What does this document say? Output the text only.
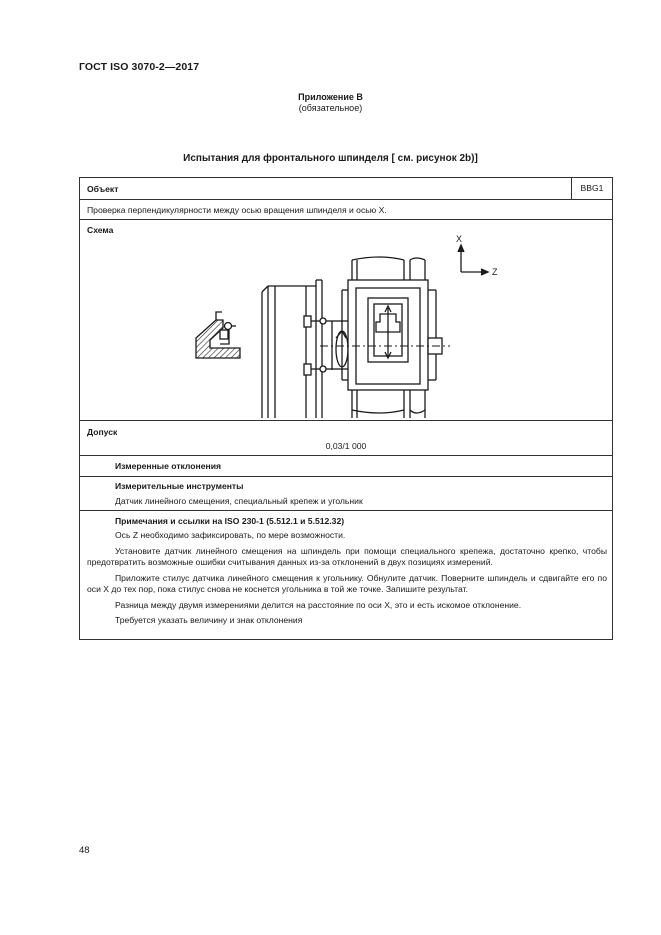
ГОСТ ISO 3070-2—2017
Приложение В
(обязательное)
Испытания для фронтального шпинделя [ см. рисунок 2b)]
Объект	BBG1
Проверка перпендикулярности между осью вращения шпинделя и осью X.
Схема
X
Z
Допуск
0,03/1 000
Измеренные отклонения
Измерительные инструменты
Датчик линейного смещения, специальный крепеж и угольник
Примечания и ссылки на ISO 230-1 (5.512.1 и 5.512.32)

Ось Z необходимо зафиксировать, по мере возможности.

Установите датчик линейного смещения на шпиндель при помощи специального крепежа, достаточно крепко, чтобы предотвратить возможные ошибки считывания данных из-за отклонений в двух позициях измерений.

Приложите стилус датчика линейного смещения к угольнику. Обнулите датчик. Поверните шпиндель и сдвигайте его по оси X до тех пор, пока стилус снова не коснется угольника в той же точке. Запишите результат.

Разница между двумя измерениями делится на расстояние по оси X, это и есть искомое отклонение.

Требуется указать величину и знак отклонения

48
